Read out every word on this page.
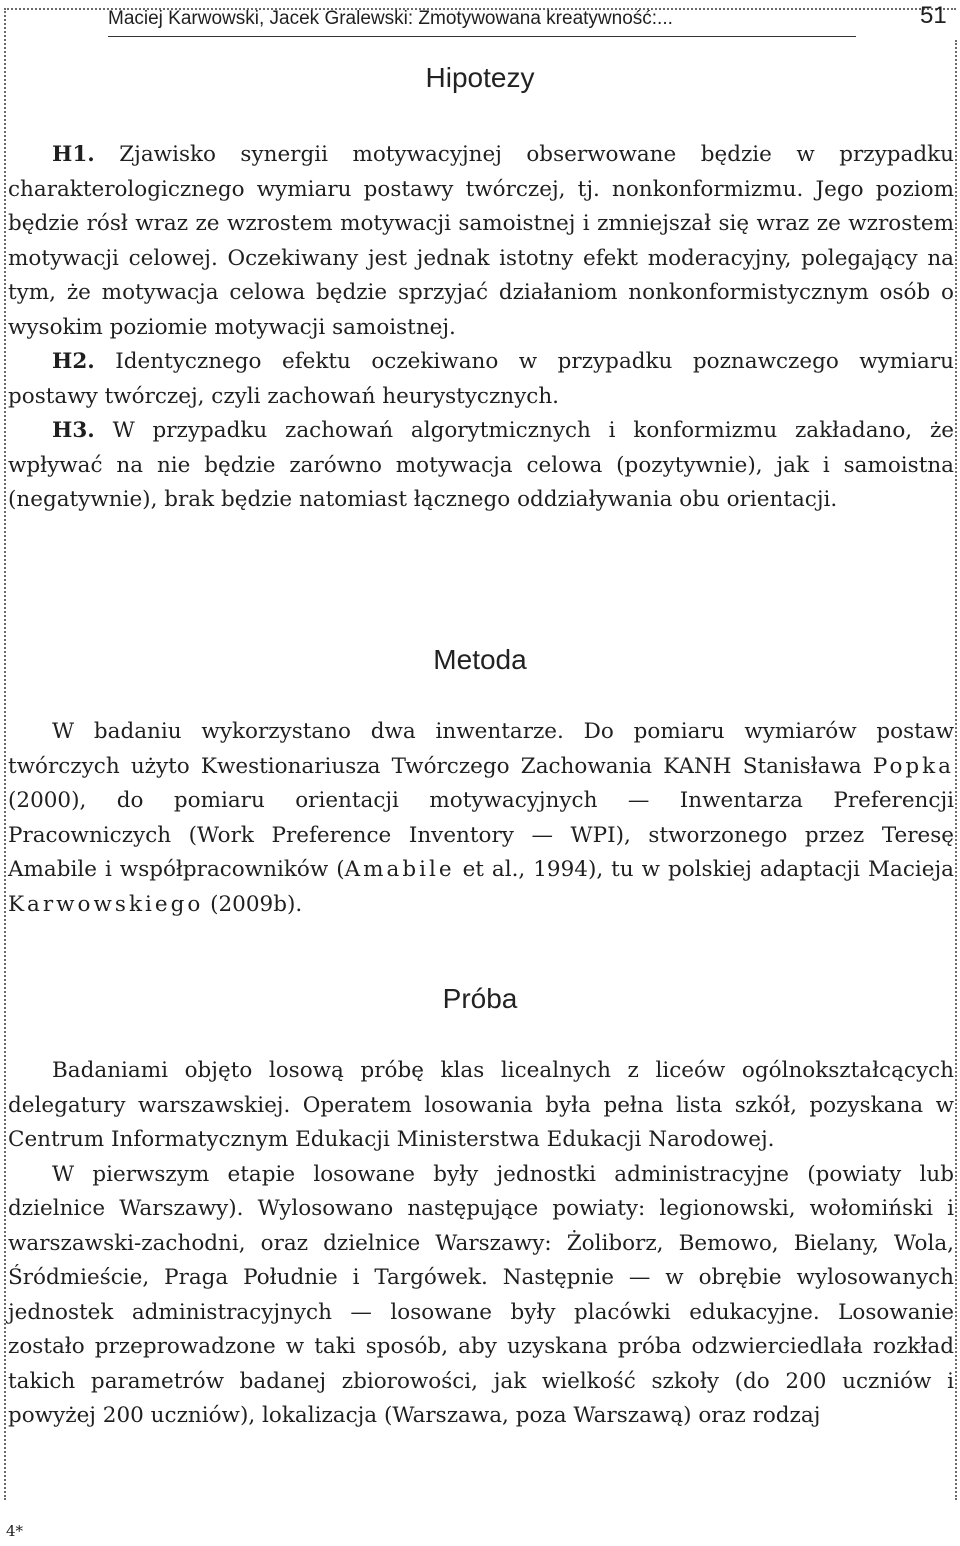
Maciej Karwowski, Jacek Gralewski: Zmotywowana kreatywność:...	51
Hipotezy

H1. Zjawisko synergii motywacyjnej obserwowane będzie w przypadku charakterologicznego wymiaru postawy twórczej, tj. nonkonformizmu. Jego poziom będzie rósł wraz ze wzrostem motywacji samoistnej i zmniejszał się wraz ze wzrostem motywacji celowej. Oczekiwany jest jednak istotny efekt moderacyjny, polegający na tym, że motywacja celowa będzie sprzyjać działaniom nonkonformistycznym osób o wysokim poziomie motywacji samoistnej.

H2. Identycznego efektu oczekiwano w przypadku poznawczego wymiaru postawy twórczej, czyli zachowań heurystycznych.

H3. W przypadku zachowań algorytmicznych i konformizmu zakładano, że wpływać na nie będzie zarówno motywacja celowa (pozytywnie), jak i samoistna (negatywnie), brak będzie natomiast łącznego oddziaływania obu orientacji.

Metoda

W badaniu wykorzystano dwa inwentarze. Do pomiaru wymiarów postaw twórczych użyto Kwestionariusza Twórczego Zachowania KANH Stanisława Popka (2000), do pomiaru orientacji motywacyjnych — Inwentarza Preferencji Pracowniczych (Work Preference Inventory — WPI), stworzonego przez Teresę Amabile i współpracowników (Amabile et al., 1994), tu w polskiej adaptacji Macieja Karwowskiego (2009b).

Próba

Badaniami objęto losową próbę klas licealnych z liceów ogólnokształcących delegatury warszawskiej. Operatem losowania była pełna lista szkół, pozyskana w Centrum Informatycznym Edukacji Ministerstwa Edukacji Narodowej.

W pierwszym etapie losowane były jednostki administracyjne (powiaty lub dzielnice Warszawy). Wylosowano następujące powiaty: legionowski, wołomiński i warszawski-zachodni, oraz dzielnice Warszawy: Żoliborz, Bemowo, Bielany, Wola, Śródmieście, Praga Południe i Targówek. Następnie — w obrębie wylosowanych jednostek administracyjnych — losowane były placówki edukacyjne. Losowanie zostało przeprowadzone w taki sposób, aby uzyskana próba odzwierciedlała rozkład takich parametrów badanej zbiorowości, jak wielkość szkoły (do 200 uczniów i powyżej 200 uczniów), lokalizacja (Warszawa, poza Warszawą) oraz rodzaj

4*
